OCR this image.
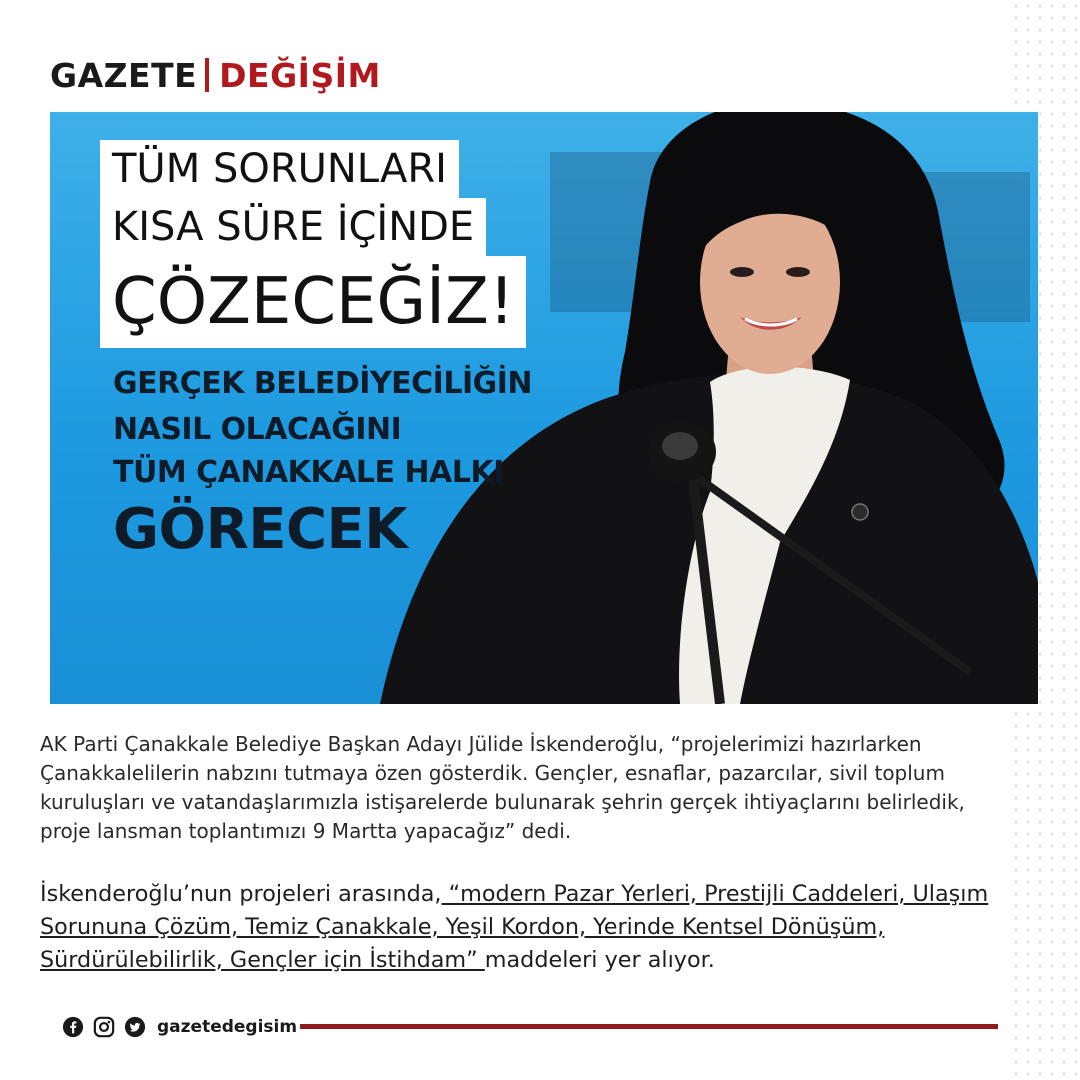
GAZETE DEĞİŞİM
TÜM SORUNLARI
KISA SÜRE İÇİNDE
ÇÖZECEĞİZ!
GERÇEK BELEDİYECİLİĞİN
NASIL OLACAĞINI
TÜM ÇANAKKALE HALKI
GÖRECEK

AK Parti Çanakkale Belediye Başkan Adayı Jülide İskenderoğlu, “projelerimizi hazırlarken Çanakkalelilerin nabzını tutmaya özen gösterdik. Gençler, esnaflar, pazarcılar, sivil toplum kuruluşları ve vatandaşlarımızla istişarelerde bulunarak şehrin gerçek ihtiyaçlarını belirledik, proje lansman toplantımızı 9 Martta yapacağız” dedi.

İskenderoğlu’nun projeleri arasında, “modern Pazar Yerleri, Prestijli Caddeleri, Ulaşım Sorununa Çözüm, Temiz Çanakkale, Yeşil Kordon, Yerinde Kentsel Dönüşüm, Sürdürülebilirlik, Gençler için İstihdam” maddeleri yer alıyor.

gazetedegisim
